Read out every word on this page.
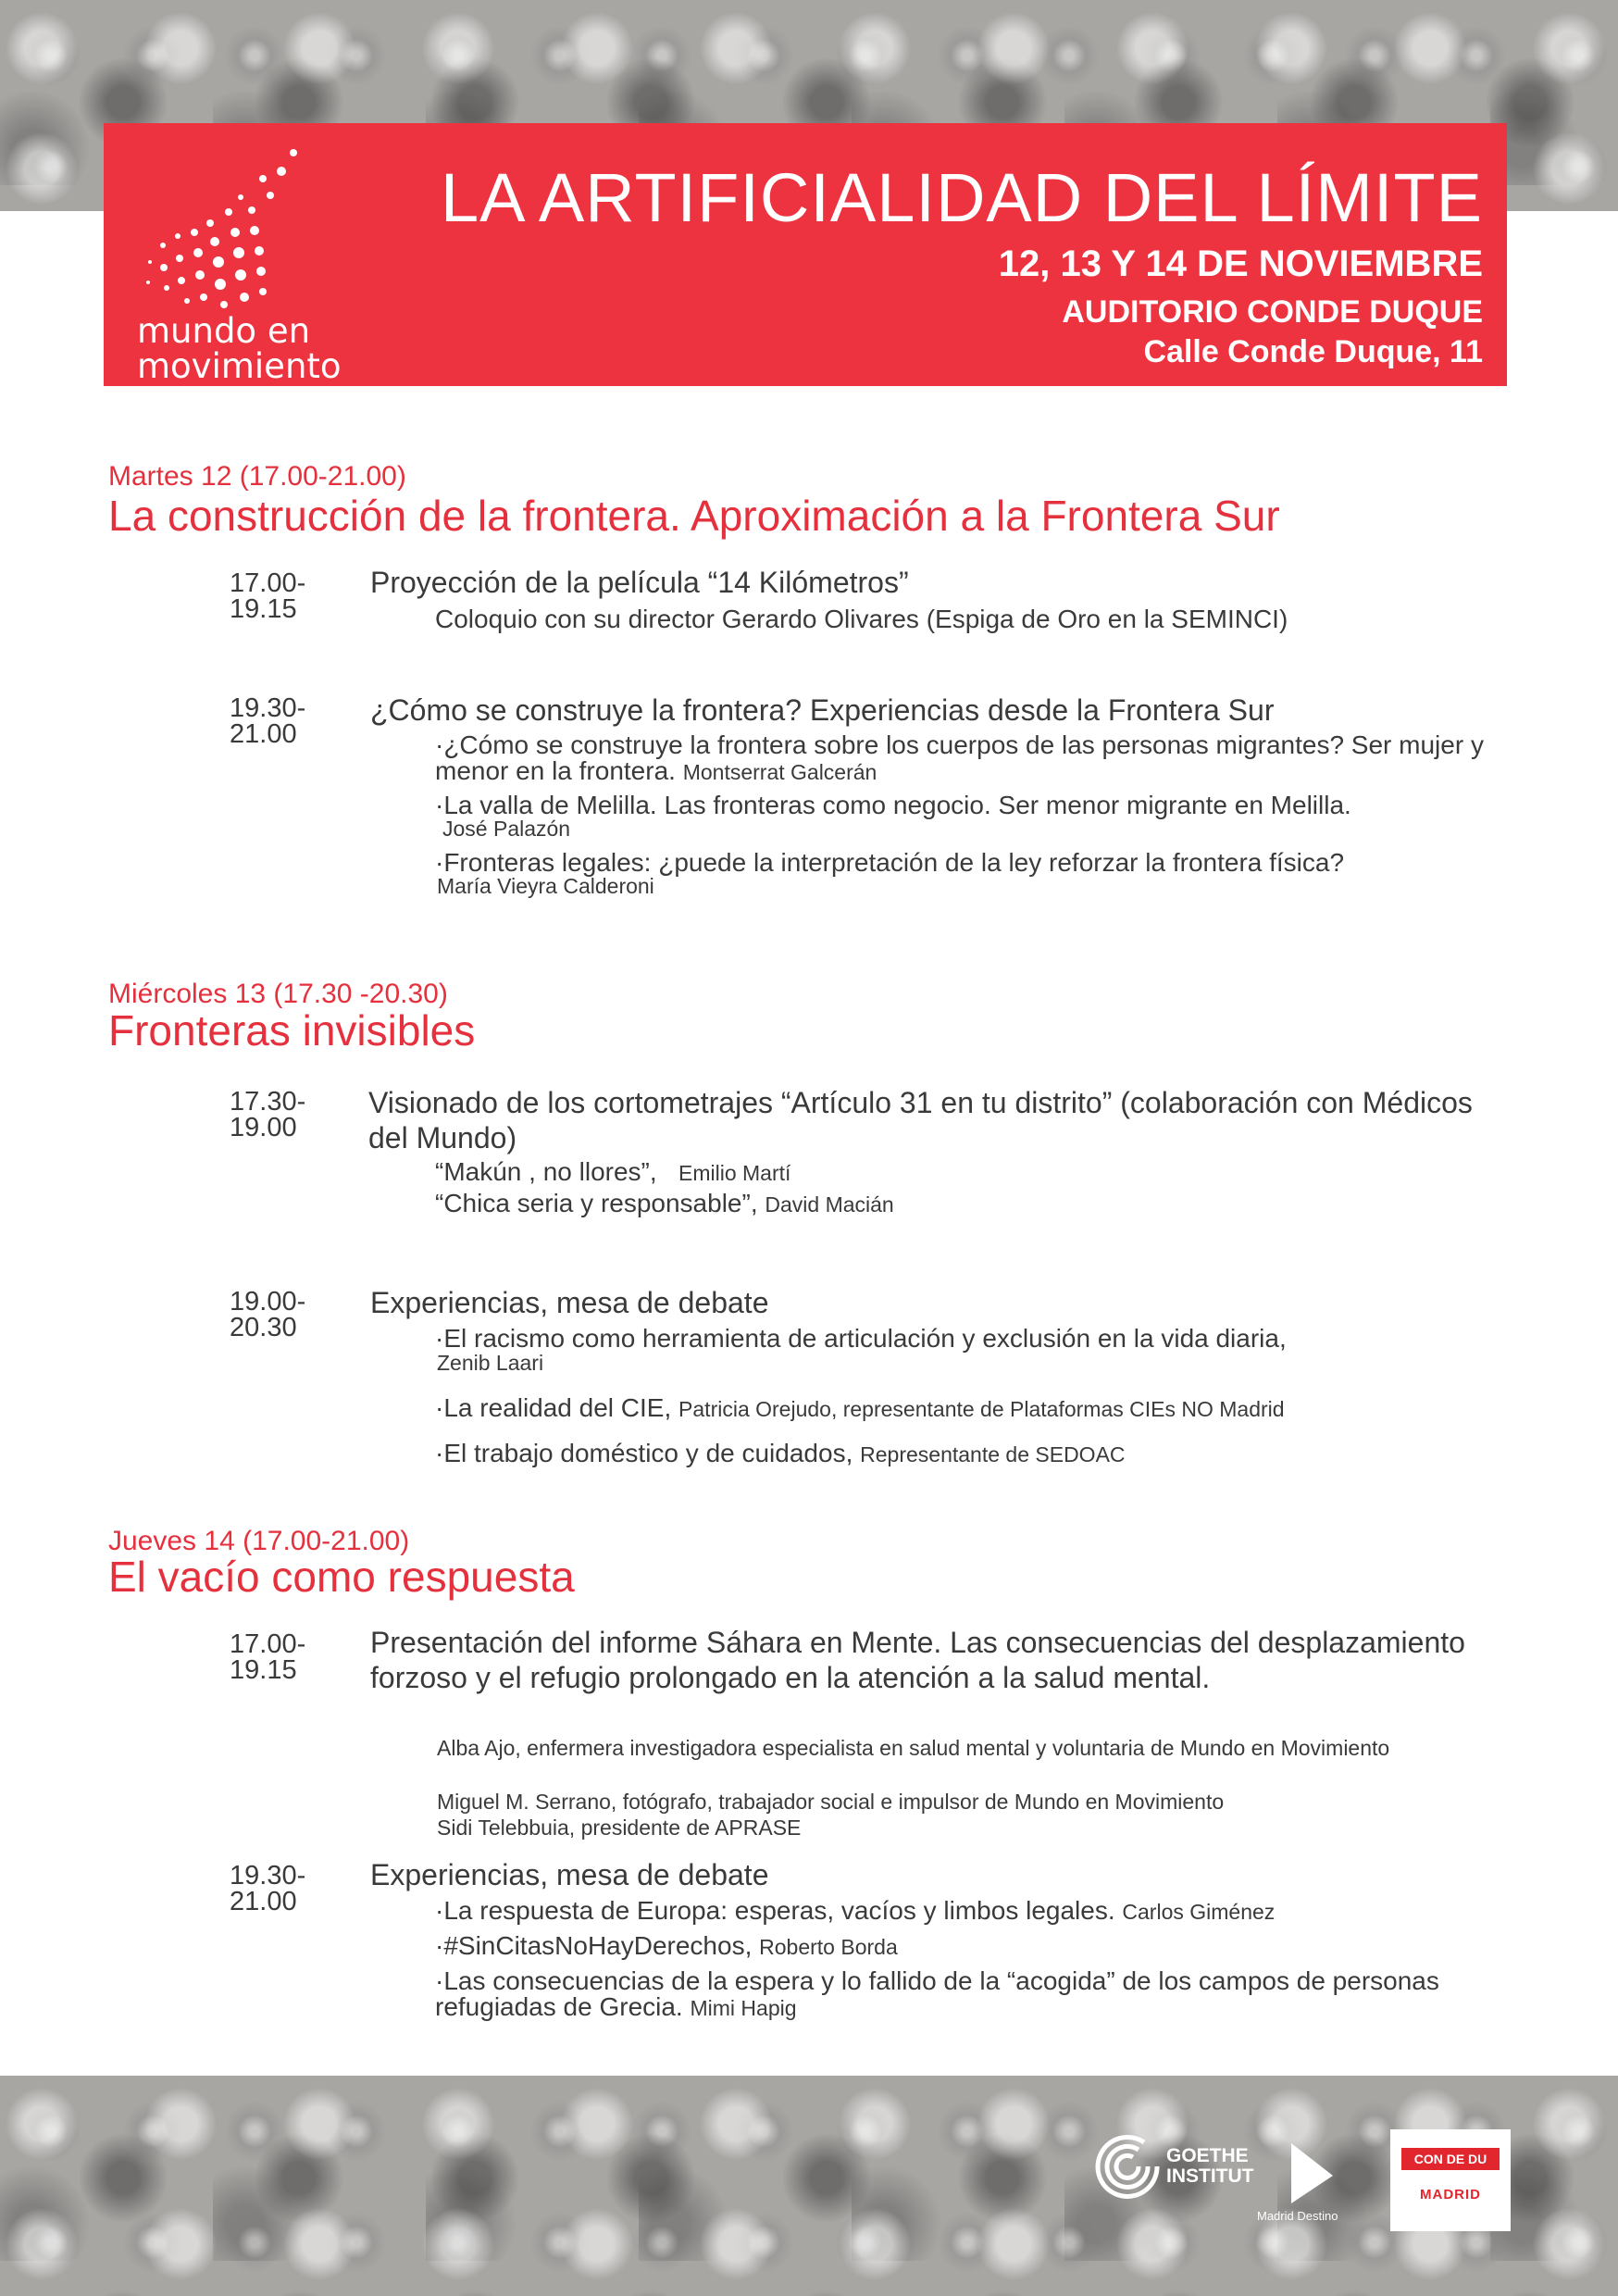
mundo en
movimiento
LA ARTIFICIALIDAD DEL LÍMITE
12, 13 Y 14 DE NOVIEMBRE
AUDITORIO CONDE DUQUE
Calle Conde Duque, 11

Martes 12 (17.00-21.00)

La construcción de la frontera. Aproximación a la Frontera Sur
17.00-
19.15
Proyección de la película “14 Kilómetros”
Coloquio con su director Gerardo Olivares (Espiga de Oro en la SEMINCI)
19.30-
21.00
¿Cómo se construye la frontera? Experiencias desde la Frontera Sur
·¿Cómo se construye la frontera sobre los cuerpos de las personas migrantes? Ser mujer y menor en la frontera. Montserrat Galcerán
·La valla de Melilla. Las fronteras como negocio. Ser menor migrante en Melilla.
José Palazón
·Fronteras legales: ¿puede la interpretación de la ley reforzar la frontera física?
María Vieyra Calderoni

Miércoles 13 (17.30 -20.30)

Fronteras invisibles
17.30-
19.00
Visionado de los cortometrajes “Artículo 31 en tu distrito” (colaboración con Médicos del Mundo)
“Makún , no llores”, Emilio Martí
“Chica seria y responsable”, David Macián
19.00-
20.30
Experiencias, mesa de debate
·El racismo como herramienta de articulación y exclusión en la vida diaria,
Zenib Laari
·La realidad del CIE, Patricia Orejudo, representante de Plataformas CIEs NO Madrid
·El trabajo doméstico y de cuidados, Representante de SEDOAC

Jueves 14 (17.00-21.00)

El vacío como respuesta
17.00-
19.15
Presentación del informe Sáhara en Mente. Las consecuencias del desplazamiento forzoso y el refugio prolongado en la atención a la salud mental.
Alba Ajo, enfermera investigadora especialista en salud mental y voluntaria de Mundo en Movimiento
Miguel M. Serrano, fotógrafo, trabajador social e impulsor de Mundo en Movimiento
Sidi Telebbuia, presidente de APRASE
19.30-
21.00
Experiencias, mesa de debate
·La respuesta de Europa: esperas, vacíos y limbos legales. Carlos Giménez
·#SinCitasNoHayDerechos, Roberto Borda
·Las consecuencias de la espera y lo fallido de la “acogida” de los campos de personas refugiadas de Grecia. Mimi Hapig
GOETHE
INSTITUT
Madrid Destino
CON DE DU QUE
MADRID
